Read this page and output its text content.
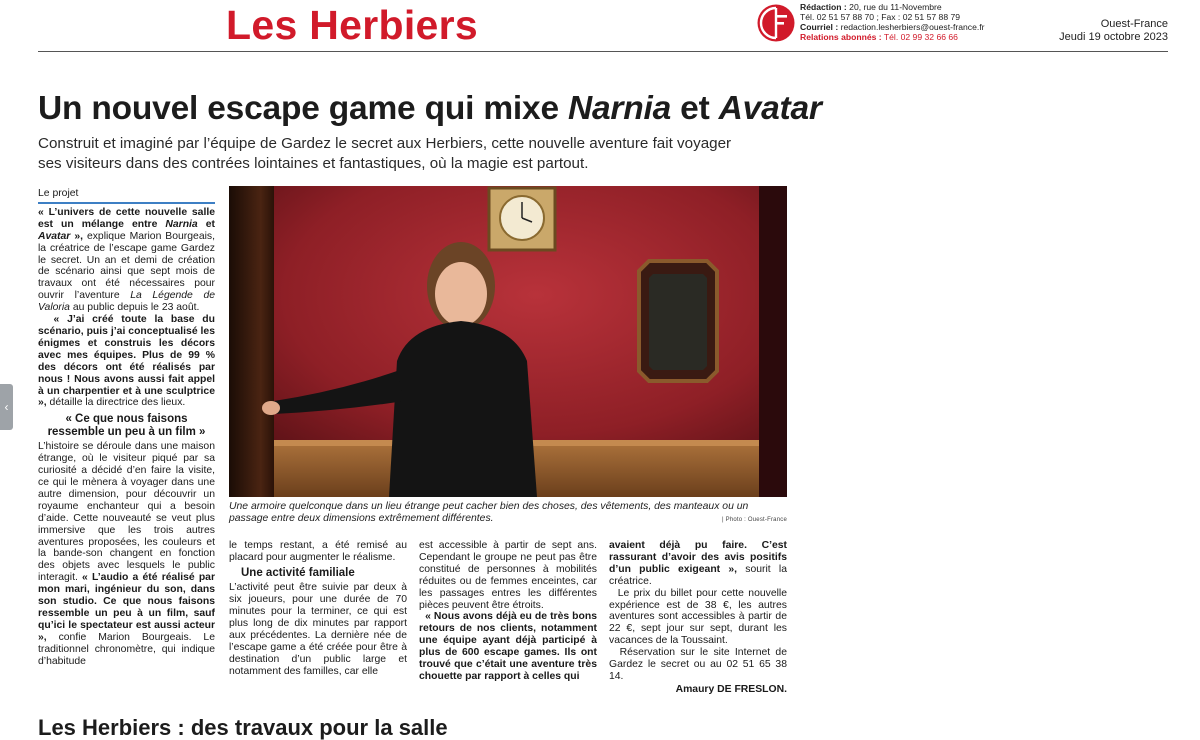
Les Herbiers	Rédaction : 20, rue du 11-Novembre
Tél. 02 51 57 88 70 ; Fax : 02 51 57 88 79
Courriel : redaction.lesherbiers@ouest-france.fr
Relations abonnés : Tél. 02 99 32 66 66
Ouest-France
Jeudi 19 octobre 2023
Un nouvel escape game qui mixe Narnia et Avatar

Construit et imaginé par l’équipe de Gardez le secret aux Herbiers, cette nouvelle aventure fait voyager ses visiteurs dans des contrées lointaines et fantastiques, où la magie est partout.

Le projet

« L’univers de cette nouvelle salle est un mélange entre Narnia et Avatar », explique Marion Bourgeais, la créatrice de l’escape game Gardez le secret. Un an et demi de création de scénario ainsi que sept mois de travaux ont été nécessaires pour ouvrir l’aventure La Légende de Valoria au public depuis le 23 août.

« J’ai créé toute la base du scénario, puis j’ai conceptualisé les énigmes et construis les décors avec mes équipes. Plus de 99 % des décors ont été réalisés par nous ! Nous avons aussi fait appel à un charpentier et à une sculptrice », détaille la directrice des lieux.

« Ce que nous faisons ressemble un peu à un film »

L’histoire se déroule dans une maison étrange, où le visiteur piqué par sa curiosité a décidé d’en faire la visite, ce qui le mènera à voyager dans une autre dimension, pour découvrir un royaume enchanteur qui a besoin d’aide. Cette nouveauté se veut plus immersive que les trois autres aventures proposées, les couleurs et la bande-son changent en fonction des objets avec lesquels le public interagit. « L’audio a été réalisé par mon mari, ingénieur du son, dans son studio. Ce que nous faisons ressemble un peu à un film, sauf qu’ici le spectateur est aussi acteur », confie Marion Bourgeais. Le traditionnel chronomètre, qui indique d’habitude

Une armoire quelconque dans un lieu étrange peut cacher bien des choses, des vêtements, des manteaux ou un passage entre deux dimensions extrêmement différentes.	| Photo : Ouest-France

le temps restant, a été remisé au placard pour augmenter le réalisme.

Une activité familiale

L’activité peut être suivie par deux à six joueurs, pour une durée de 70 minutes pour la terminer, ce qui est plus long de dix minutes par rapport aux précédentes. La dernière née de l’escape game a été créée pour être à destination d’un public large et notamment des familles, car elle

est accessible à partir de sept ans. Cependant le groupe ne peut pas être constitué de personnes à mobilités réduites ou de femmes enceintes, car les passages entres les différentes pièces peuvent être étroits.

« Nous avons déjà eu de très bons retours de nos clients, notamment une équipe ayant déjà participé à plus de 600 escape games. Ils ont trouvé que c’était une aventure très chouette par rapport à celles qui

avaient déjà pu faire. C’est rassurant d’avoir des avis positifs d’un public exigeant », sourit la créatrice.

Le prix du billet pour cette nouvelle expérience est de 38 €, les autres aventures sont accessibles à partir de 22 €, sept jour sur sept, durant les vacances de la Toussaint.

Réservation sur le site Internet de Gardez le secret ou au 02 51 65 38 14.

Amaury DE FRESLON.
‹
Les Herbiers : des travaux pour la salle
